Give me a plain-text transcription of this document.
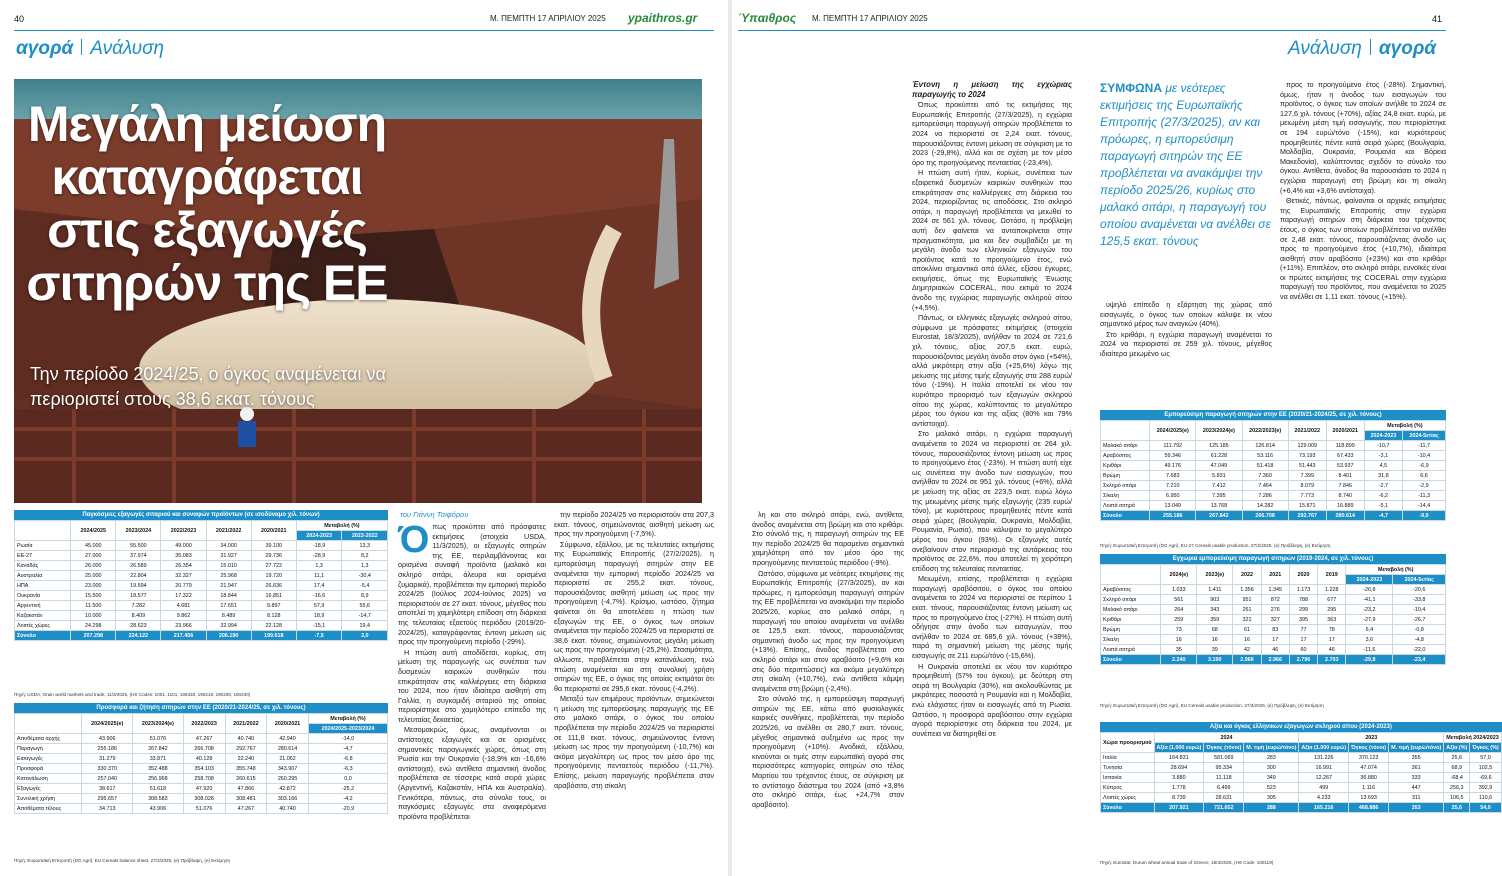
40	Μ. ΠΕΜΠΤΗ 17 ΑΠΡΙΛΙΟΥ 2025 ypaithros.gr
αγορά Ανάλυση
Μεγάλη μείωση καταγράφεται στις εξαγωγές σιτηρών της ΕΕ
Την περίοδο 2024/25, ο όγκος αναμένεται να περιοριστεί στους 38,6 εκατ. τόνους
Παγκόσμιες εξαγωγές σιταριού και συναφών προϊόντων (σε ισοδύναμο χιλ. τόνων)
	2024/2025	2023/2024	2022/2023	2021/2022	2020/2021	Μεταβολή (%)	
						2024-2023	2023-2022
Ρωσία	45.000	55.500	49.000	34.000	39.100	-18,9	13,3
ΕΕ-27	27.000	37.974	35.083	31.927	29.736	-28,9	8,2
Καναδάς	26.000	26.589	26.354	15.010	27.722	1,3	1,3
Αυστραλία	25.000	22.804	32.327	25.968	19.720	11,1	-30,4
ΗΠΑ	23.000	19.594	20.779	21.947	26.636	17,4	-5,4
Ουκρανία	15.500	18.577	17.322	18.844	16.851	-16,6	8,9
Αργεντινή	11.500	7.282	4.681	17.651	9.897	57,9	55,6
Καζακστάν	10.000	8.409	9.862	8.489	8.128	18,9	-14,7
Λοιπές χώρες	24.298	28.623	23.966	32.994	22.128	-15,1	19,4
Σύνολο	207.298	224.122	217.456	206.190	199.618	-7,5	3,0
Πηγή: USDA, Grain world markets and trade, 11/3/2025, (HS Codes: 1001, 1101, 190430, 190219, 190230, 190240)
Προσφορά και ζήτηση σιτηρών στην ΕΕ (2020/21-2024/25, σε χιλ. τόνους)
	2024/2025(e)	2023/2024(e)	2022/2023	2021/2022	2020/2021	Μεταβολή (%)
						2024/2025-2023/2024
Αποθέματα αρχής	43.906	51.076	47.267	40.740	42.940	-14,0
Παραγωγή	255.186	267.842	266.708	292.767	280.614	-4,7
Εισαγωγές	31.279	33.871	40.128	22.240	21.062	-6,8
Προσφορά	330.370	352.488	354.103	355.748	343.907	-6,3
Κατανάλωση	257.040	256.968	258.708	260.615	260.295	0,0
Εξαγωγές	38.617	51.618	47.920	47.866	42.872	-25,2
Συνολική χρήση	295.657	308.583	308.028	308.481	303.166	-4,2
Αποθέματα τέλους	34.713	43.906	51.076	47.267	40.740	-20,9
Πηγή: Ευρωπαϊκή Επιτροπή (DG Agri), EU Cereals balance sheet, 27/2/2025, (e) Πρόβλεψη, (e) Εκτίμηση
του Γιάννη Τσιφόρου

Όπως προκύπτει από πρόσφατες εκτιμήσεις (στοιχεία USDA, 11/3/2025), οι εξαγωγές σιτηρών της ΕΕ, περιλαμβάνοντας και ορισμένα συναφή προϊόντα (μαλακό και σκληρό σιτάρι, άλευρα και ορισμένα ζυμαρικά), προβλέπεται την εμπορική περίοδο 2024/25 (Ιούλιος 2024-Ιούνιος 2025) να περιοριστούν σε 27 εκατ. τόνους, μέγεθος που αποτελεί τη χαμηλότερη επίδοση στη διάρκεια της τελευταίας εξαετούς περιόδου (2019/20-2024/25), καταγράφοντας έντονη μείωση ως προς την προηγούμενη περίοδο (-29%).

Η πτώση αυτή αποδίδεται, κυρίως, στη μείωση της παραγωγής ως συνέπεια των δυσμενών καιρικών συνθηκών που επικράτησαν στις καλλιέργειες στη διάρκεια του 2024, που ήταν ιδιαίτερα αισθητή στη Γαλλία, η συγκομιδή σιταριού της οποίας περιορίστηκε στο χαμηλότερο επίπεδο της τελευταίας δεκαετίας.

Μεσομακρώς, όμως, αναμένονται οι αντίστοιχες εξαγωγές και σε ορισμένες σημαντικές παραγωγικές χώρες, όπως στη Ρωσία και την Ουκρανία (-18,9% και -16,6% αντίστοιχα), ενώ αντίθετα σημαντική άνοδος προβλέπεται σε τέσσερις κατά σειρά χώρες (Αργεντινή, Καζακστάν, ΗΠΑ και Αυστραλία). Γενικότερα, πάντως, στο σύνολο τους, οι παγκόσμιες εξαγωγές στα αναφερόμενα προϊόντα προβλέπεται

την περίοδο 2024/25 να περιοριστούν στα 207,3 εκατ. τόνους, σημειώνοντας αισθητή μείωση ως προς την προηγούμενη (-7,5%).

Σύμφωνα, εξάλλου, με τις τελευταίες εκτιμήσεις της Ευρωπαϊκής Επιτροπής (27/2/2025), η εμπορεύσιμη παραγωγή σιτηρών στην ΕΕ αναμένεται την εμπορική περίοδο 2024/25 να περιοριστεί σε 255,2 εκατ. τόνους, παρουσιάζοντας αισθητή μείωση ως προς την προηγούμενη (-4,7%). Κρίσιμο, ωστόσο, ζήτημα φαίνεται ότι θα αποτελέσει η πτώση των εξαγωγών της ΕΕ, ο όγκος των οποίων αναμένεται την περίοδο 2024/25 να περιοριστεί σε 38,6 εκατ. τόνους, σημειώνοντας μεγάλη μείωση ως προς την προηγούμενη (-25,2%). Στασιμότητα, αλλωστε, προβλέπεται στην κατανάλωση, ενώ πτώση αναμένεται και στη συνολική χρήση σιτηρών της ΕΕ, ο όγκος της οποίας εκτιμάται ότι θα περιοριστεί σε 295,6 εκατ. τόνους (-4,2%).

Μεταξύ των επιμέρους προϊόντων, σημειώνεται η μείωση της εμπορεύσιμης παραγωγής της ΕΕ στο μαλακό σιτάρι, ο όγκος του οποίου προβλέπεται την περίοδο 2024/25 να περιοριστεί σε 111,8 εκατ. τόνους, σημειώνοντας έντονη μείωση ως προς την προηγούμενη (-10,7%) και ακόμα μεγαλύτερη ως προς τον μέσο όρο της προηγούμενης πενταετούς περιόδου (-11,7%). Επίσης, μείωση παραγωγής προβλέπεται στον αραβόσιτο, στη σίκαλη

Ύπαιθρος Μ. ΠΕΜΠΤΗ 17 ΑΠΡΙΛΙΟΥ 2025	41
Ανάλυση αγορά

λη και στο σκληρό σιτάρι, ενώ, αντίθετα, άνοδος αναμένεται στη βρώμη και στο κριθάρι. Στο σύνολό της, η παραγωγή σιτηρών της ΕΕ την περίοδο 2024/25 θα παραμείνει σημαντικά χαμηλότερη από τον μέσο όρο της προηγούμενης πενταετούς περιόδου (-9%).

Ωστόσο, σύμφωνα με νεότερες εκτιμήσεις της Ευρωπαϊκής Επιτροπής (27/3/2025), αν και πρόωρες, η εμπορεύσιμη παραγωγή σιτηρών της ΕΕ προβλέπεται να ανακάμψει την περίοδο 2025/26, κυρίως στο μαλακό σιτάρι, η παραγωγή του οποίου αναμένεται να ανέλθει σε 125,5 εκατ. τόνους, παρουσιάζοντας σημαντική άνοδο ως προς την προηγούμενη (+13%). Επίσης, άνοδος προβλέπεται στο σκληρό σιτάρι και στον αραβόσιτο (+9,6% και στις δύο περιπτώσεις) και ακόμα μεγαλύτερη στη σίκαλη (+10,7%), ενώ αντίθετα κάμψη αναμένεται στη βρώμη (-2,4%).

Στο σύνολό της, η εμπορεύσιμη παραγωγή σιτηρών της ΕΕ, κάτω από φυσιολογικές καιρικές συνθήκες, προβλέπεται, την περίοδο 2025/26, να ανέλθει σε 280,7 εκατ. τόνους, μέγεθος σημαντικά αυξημένο ως προς την προηγούμενη (+10%). Ανοδικά, εξάλλου, κινούνται οι τιμές στην ευρωπαϊκή αγορά στις περισσότερες κατηγορίες σιτηρών στο τέλος Μαρτίου του τρέχοντος έτους, σε σύγκριση με το αντίστοιχο διάστημα του 2024 (από +3,8% στο σκληρό σιτάρι, έως +24,7% στον αραβόσιτο).

Έντονη η μείωση της εγχώριας παραγωγής το 2024

Όπως προκύπτει από τις εκτιμήσεις της Ευρωπαϊκής Επιτροπής (27/3/2025), η εγχώρια εμπορεύσιμη παραγωγή σιτηρών προβλέπεται το 2024 να περιοριστεί σε 2,24 εκατ. τόνους, παρουσιάζοντας έντονη μείωση σε σύγκριση με το 2023 (-29,8%), αλλά και σε σχέση με τον μέσο όρο της προηγούμενης πενταετίας (-23,4%).

Η πτώση αυτή ήταν, κυρίως, συνέπεια των εξαιρετικά δυσμενών καιρικών συνθηκών που επικράτησαν στις καλλιέργειες στη διάρκεια του 2024, περιορίζοντας τις αποδόσεις. Στο σκληρό σιτάρι, η παραγωγή προβλέπεται να μειωθεί το 2024 σε 561 χιλ. τόνους. Ωστόσο, η πρόβλεψη αυτή δεν φαίνεται να ανταποκρίνεται στην πραγματικότητα, μια και δεν συμβαδίζει με τη μεγάλη άνοδο των ελληνικών εξαγωγών του προϊόντος κατά το προηγούμενο έτος, ενώ αποκλίνει σημαντικά από άλλες, εξίσου έγκυρες, εκτιμήσεις, όπως της Ευρωπαϊκής Ένωσης Δημητριακών COCERAL, που εκτιμά το 2024 άνοδο της εγχώριας παραγωγής σκληρού σίτου (+4,5%).

Πάντως, οι ελληνικές εξαγωγές σκληρού σίτου, σύμφωνα με πρόσφατες εκτιμήσεις (στοιχεία Eurostat, 18/3/2025), ανήλθαν το 2024 σε 721,6 χιλ. τόνους, αξίας 207,5 εκατ. ευρώ, παρουσιάζοντας μεγάλη άνοδο στον όγκο (+54%), αλλά μικρότερη στην αξία (+25,6%) λόγω της μείωσης της μέσης τιμής εξαγωγής στα 288 ευρώ/τόνο (-19%). Η Ιταλία αποτελεί εκ νέου τον κυριότερο προορισμό των εξαγωγών σκληρού σίτου της χώρας, καλύπτοντας το μεγαλύτερο μέρος του όγκου και της αξίας (80% και 79% αντίστοιχα).

Στο μαλακό σιτάρι, η εγχώρια παραγωγή αναμένεται το 2024 να περιοριστεί σε 264 χιλ. τόνους, παρουσιάζοντας έντονη μείωση ως προς το προηγούμενο έτος (-23%). Η πτώση αυτή είχε ως συνέπεια την άνοδο των εισαγωγών, που ανήλθαν το 2024 σε 951 χιλ. τόνους (+6%), αλλά με μείωση της αξίας σε 223,5 εκατ. ευρώ λόγω της μειωμένης μέσης τιμής εξαγωγής (235 ευρώ/τόνο), με κυριότερους προμηθευτές πέντε κατά σειρά χώρες (Βουλγαρία, Ουκρανία, Μολδαβία, Ρουμανία, Ρωσία), που κάλυψαν το μεγαλύτερο μέρος του όγκου (93%). Οι εξαγωγές αυτές ανεβαίνουν στον περιορισμό της αυτάρκειας του προϊόντος σε 22,6%, που αποτελεί τη χειρότερη επίδοση της τελευταίας πενταετίας.

Μειωμένη, επίσης, προβλέπεται η εγχώρια παραγωγή αραβόσιτου, ο όγκος του οποίου αναμένεται το 2024 να περιοριστεί σε περίπου 1 εκατ. τόνους, παρουσιάζοντας έντονη μείωση ως προς το προηγούμενο έτος (-27%). Η πτώση αυτή οδήγησε στην άνοδο των εισαγωγών, που ανήλθαν το 2024 σε 685,6 χιλ. τόνους (+38%), παρά τη σημαντική μείωση της μέσης τιμής εισαγωγής σε 211 ευρώ/τόνο (-15,6%).

Η Ουκρανία αποτελεί εκ νέου τον κυριότερο προμηθευτή (57% του όγκου), με δεύτερη στη σειρά τη Βουλγαρία (30%), και ακολουθώντας με μικρότερες ποσοστά η Ρουμανία και η Μολδαβία, ενώ ελάχιστες ήταν οι εισαγωγές από τη Ρωσία. Ωστόσο, η προσφορά αραβόσιτου στην εγχώρια αγορά περιορίστηκε στη διάρκεια του 2024, με συνέπεια να διατηρηθεί σε

ΣΥΜΦΩΝΑ με νεότερες εκτιμήσεις της Ευρωπαϊκής Επιτροπής (27/3/2025), αν και πρόωρες, η εμπορεύσιμη παραγωγή σιτηρών της ΕΕ προβλέπεται να ανακάμψει την περίοδο 2025/26, κυρίως στο μαλακό σιτάρι, η παραγωγή του οποίου αναμένεται να ανέλθει σε 125,5 εκατ. τόνους

υψηλό επίπεδο η εξάρτηση της χώρας από εισαγωγές, ο όγκος των οποίων κάλυψε εκ νέου σημαντικό μέρος των αναγκών (40%).

Στο κριθάρι, η εγχώρια παραγωγή αναμένεται το 2024 να περιοριστεί σε 259 χιλ. τόνους, μέγεθος ιδιαίτερα μειωμένο ως

προς το προηγούμενο έτος (-28%). Σημαντική, όμως, ήταν η άνοδος των εισαγωγών του προϊόντος, ο όγκος των οποίων ανήλθε το 2024 σε 127,6 χιλ. τόνους (+70%), αξίας 24,8 εκατ. ευρώ, με μειωμένη μέση τιμή εισαγωγής, που περιορίστηκε σε 194 ευρώ/τόνο (-15%), και κυριότερους προμηθευτές πέντε κατά σειρά χώρες (Βουλγαρία, Μολδαβία, Ουκρανία, Ρουμανία και Βόρεια Μακεδονία), καλύπτοντας σχεδόν το σύνολο του όγκου. Αντίθετα, άνοδος θα παρουσιάσει το 2024 η εγχώρια παραγωγή στη βρώμη και τη σίκαλη (+6,4% και +3,6% αντίστοιχα).

Θετικές, πάντως, φαίνονται οι αρχικές εκτιμήσεις της Ευρωπαϊκής Επιτροπής στην εγχώρια παραγωγή σιτηρών στη διάρκεια του τρέχοντος έτους, ο όγκος των οποίων προβλέπεται να ανέλθει σε 2,48 εκατ. τόνους, παρουσιάζοντας άνοδο ως προς το προηγούμενο έτος (+10,7%), ιδιαίτερα αισθητή στον αραβόσιτο (+23%) και στο κριθάρι (+11%). Επιπλέον, στο σκληρό σιτάρι, ευνοϊκές είναι οι πρώτες εκτιμήσεις της COCERAL στην εγχώρια παραγωγή του προϊόντος, που αναμένεται το 2025 να ανέλθει σε 1,11 εκατ. τόνους (+15%).

Εμπορεύσιμη παραγωγή σιτηρών στην ΕΕ (2020/21-2024/25, σε χιλ. τόνους)
	2024/2025(e)	2023/2024(e)	2022/2023(e)	2021/2022	2020/2021	Μεταβολή (%)	
						2024-2023	2024-5ετίας
Μαλακό σιτάρι	111.792	125.185	126.814	129.009	118.899	-10,7	-11,7
Αραβόσιτος	59.346	61.228	53.116	73.193	67.433	-3,1	-10,4
Κριθάρι	49.176	47.049	51.418	51.443	53.937	4,5	-6,9
Βρώμη	7.683	5.831	7.360	7.399	8.401	31,8	6,6
Σκληρό σιτάρι	7.210	7.412	7.464	8.079	7.846	-2,7	-2,9
Σίκαλη	6.950	7.395	7.286	7.773	8.740	-6,2	-11,3
Λοιπά σιτηρά	13.049	13.768	14.282	15.871	16.889	-5,1	-14,4
Σύνολο	255.186	267.842	266.708	292.767	280.614	-4,7	-9,0
Πηγή: Ευρωπαϊκή Επιτροπή (DG Agri), EU-27 Cereals usable production, 27/2/2025, (e) Πρόβλεψη, (e) Εκτίμηση
Εγχώρια εμπορεύσιμη παραγωγή σιτηρών (2019-2024, σε χιλ. τόνους)
	2024(e)	2023(e)	2022	2021	2020	2019	Μεταβολή (%)	
							2024-2023	2024-5ετίας
Αραβόσιτος	1.033	1.411	1.356	1.345	1.173	1.228	-26,8	-20,6
Σκληρό σιτάρι	561	903	951	872	788	677	-41,1	-33,8
Μαλακό σιτάρι	264	343	261	276	299	295	-23,2	-10,4
Κριθάρι	259	359	321	327	395	363	-27,9	-26,7
Βρώμη	73	68	61	83	77	78	6,4	-0,8
Σίκαλη	16	16	16	17	17	17	3,6	-4,8
Λοιπά σιτηρά	35	39	42	46	60	46	-11,6	-22,0
Σύνολο	2.240	3.190	2.966	2.966	2.796	2.703	-29,8	-23,4
Πηγή: Ευρωπαϊκή Επιτροπή (DG Agri), EU Cereals usable production, 27/3/2025, (e) Πρόβλεψη, (e) Εκτίμηση
Αξία και όγκος ελληνικών εξαγωγών σκληρού σίτου (2024-2023)
Χώρα προορισμού	2024			2023			Μεταβολή 2024/2023	
	Αξία (1.000 ευρώ)	Όγκος (τόνοι)	Μ. τιμή (ευρώ/τόνο)	Αξία (1.000 ευρώ)	Όγκος (τόνοι)	Μ. τιμή (ευρώ/τόνο)	Αξία (%)	Όγκος (%)
Ιταλία	164.831	581.069	283	131.226	370.123	355	25,6	57,0
Τυνησία	28.694	95.334	300	16.991	47.074	361	68,9	102,5
Ισπανία	3.880	11.118	349	12.267	36.880	333	-68,4	-69,6
Κύπρος	1.778	6.499	523	499	1.116	447	256,3	392,9
Λοιπές χώρες	8.739	28.631	305	4.233	13.693	311	106,5	110,6
Σύνολο	207.921	721.652	288	165.216	468.886	353	25,6	54,0
Πηγή: Eurostat, Durum wheat annual trade of Greece, 18/3/2025, (HS Code: 100119)
